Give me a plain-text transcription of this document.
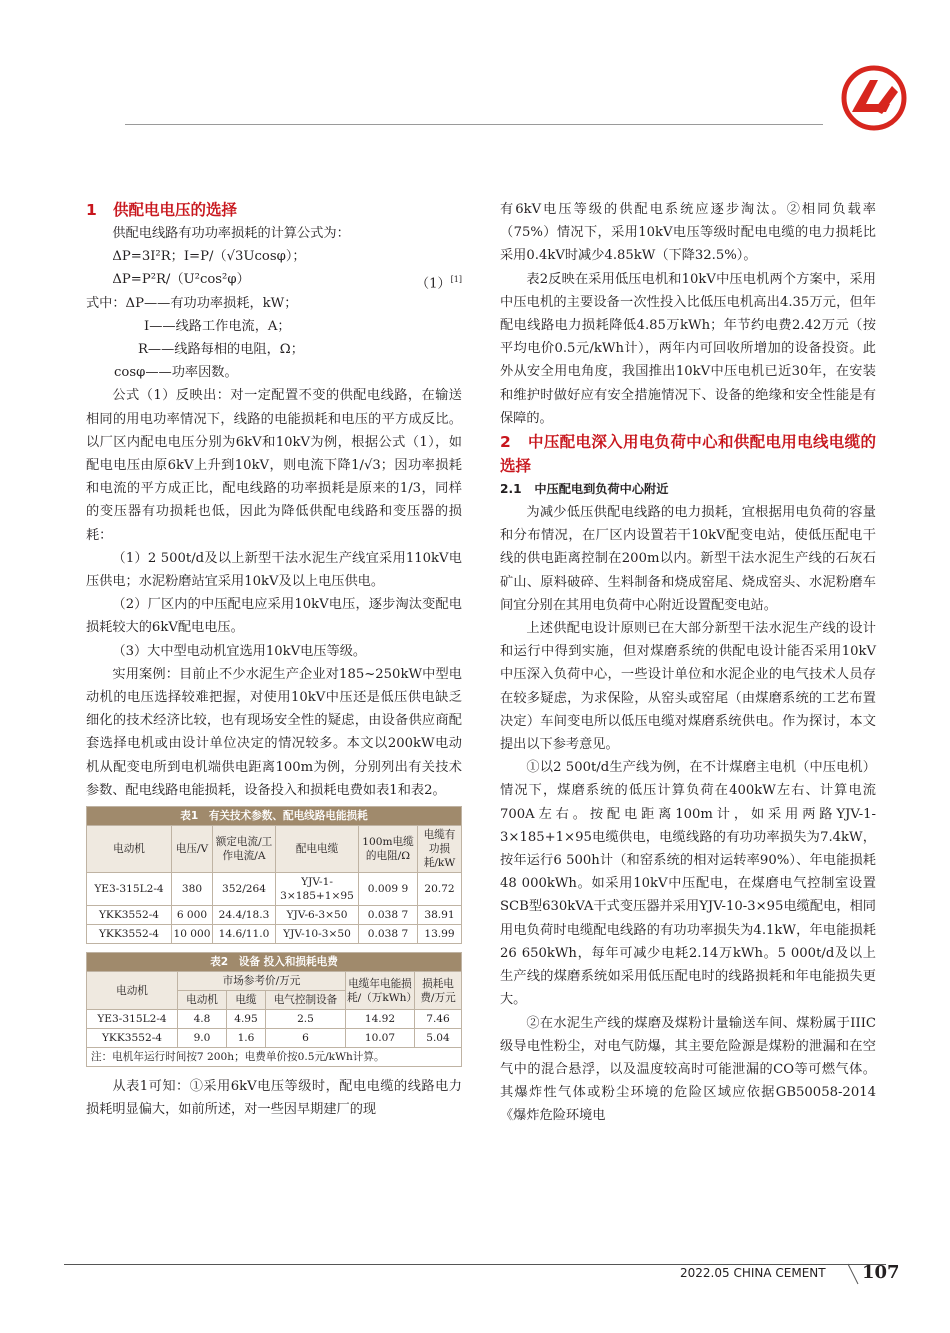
1 供配电电压的选择

供配电线路有功功率损耗的计算公式为：

ΔP=3I²R；I=P/（√3Ucosφ）；

ΔP=P²R/（U²cos²φ）	（1）[1]

式中：ΔP——有功功率损耗，kW；

I——线路工作电流，A；

R——线路每相的电阻，Ω；

cosφ——功率因数。

公式（1）反映出：对一定配置不变的供配电线路，在输送相同的用电功率情况下，线路的电能损耗和电压的平方成反比。以厂区内配电电压分别为6kV和10kV为例，根据公式（1），如配电电压由原6kV上升到10kV，则电流下降1/√3；因功率损耗和电流的平方成正比，配电线路的功率损耗是原来的1/3，同样的变压器有功损耗也低，因此为降低供配电线路和变压器的损耗：

（1）2 500t/d及以上新型干法水泥生产线宜采用110kV电压供电；水泥粉磨站宜采用10kV及以上电压供电。

（2）厂区内的中压配电应采用10kV电压，逐步淘汰变配电损耗较大的6kV配电电压。

（3）大中型电动机宜选用10kV电压等级。

实用案例：目前止不少水泥生产企业对185~250kW中型电动机的电压选择较难把握，对使用10kV中压还是低压供电缺乏细化的技术经济比较，也有现场安全性的疑虑，由设备供应商配套选择电机或由设计单位决定的情况较多。本文以200kW电动机从配变电所到电机端供电距离100m为例，分别列出有关技术参数、配电线路电能损耗，设备投入和损耗电费如表1和表2。

表1　有关技术参数、配电线路电能损耗					
电动机	电压/V	额定电流/工作电流/A	配电电缆	100m电缆的电阻/Ω	电缆有功损耗/kW
YE3-315L2-4	380	352/264	YJV-1-3×185+1×95	0.009 9	20.72
YKK3552-4	6 000	24.4/18.3	YJV-6-3×50	0.038 7	38.91
YKK3552-4	10 000	14.6/11.0	YJV-10-3×50	0.038 7	13.99
表2　设备 投入和损耗电费					
电动机	市场参考价/万元			电缆年电能损耗/（万kWh）	损耗电费/万元
	电动机	电缆	电气控制设备		
YE3-315L2-4	4.8	4.95	2.5	14.92	7.46
YKK3552-4	9.0	1.6	6	10.07	5.04
注：电机年运行时间按7 200h；电费单价按0.5元/kWh计算。					

从表1可知：①采用6kV电压等级时，配电电缆的线路电力损耗明显偏大，如前所述，对一些因早期建厂的现

有6kV电压等级的供配电系统应逐步淘汰。②相同负载率（75%）情况下，采用10kV电压等级时配电电缆的电力损耗比采用0.4kV时减少4.85kW（下降32.5%）。

表2反映在采用低压电机和10kV中压电机两个方案中，采用中压电机的主要设备一次性投入比低压电机高出4.35万元，但年配电线路电力损耗降低4.85万kWh；年节约电费2.42万元（按平均电价0.5元/kWh计），两年内可回收所增加的设备投资。此外从安全用电角度，我国推出10kV中压电机已近30年，在安装和维护时做好应有安全措施情况下、设备的绝缘和安全性能是有保障的。

2 中压配电深入用电负荷中心和供配电用电线电缆的选择

2.1 中压配电到负荷中心附近

为减少低压供配电线路的电力损耗，宜根据用电负荷的容量和分布情况，在厂区内设置若干10kV配变电站，使低压配电干线的供电距离控制在200m以内。新型干法水泥生产线的石灰石矿山、原料破碎、生料制备和烧成窑尾、烧成窑头、水泥粉磨车间宜分别在其用电负荷中心附近设置配变电站。

上述供配电设计原则已在大部分新型干法水泥生产线的设计和运行中得到实施，但对煤磨系统的供配电设计能否采用10kV中压深入负荷中心，一些设计单位和水泥企业的电气技术人员存在较多疑虑，为求保险，从窑头或窑尾（由煤磨系统的工艺布置决定）车间变电所以低压电缆对煤磨系统供电。作为探讨，本文提出以下参考意见。

①以2 500t/d生产线为例，在不计煤磨主电机（中压电机）情况下，煤磨系统的低压计算负荷在400kW左右、计算电流700A左右。按配电距离100m计，如采用两路YJV-1-3×185+1×95电缆供电，电缆线路的有功功率损失为7.4kW，按年运行6 500h计（和窑系统的相对运转率90%）、年电能损耗48 000kWh。如采用10kV中压配电，在煤磨电气控制室设置SCB型630kVA干式变压器并采用YJV-10-3×95电缆配电，相同用电负荷时电缆配电线路的有功功率损失为4.1kW，年电能损耗26 650kWh，每年可减少电耗2.14万kWh。5 000t/d及以上生产线的煤磨系统如采用低压配电时的线路损耗和年电能损失更大。

②在水泥生产线的煤磨及煤粉计量输送车间、煤粉属于IIIC级导电性粉尘，对电气防爆，其主要危险源是煤粉的泄漏和在空气中的混合悬浮，以及温度较高时可能泄漏的CO等可燃气体。其爆炸性气体或粉尘环境的危险区域应依据GB50058-2014《爆炸危险环境电

2022.05 CHINA CEMENT 107
